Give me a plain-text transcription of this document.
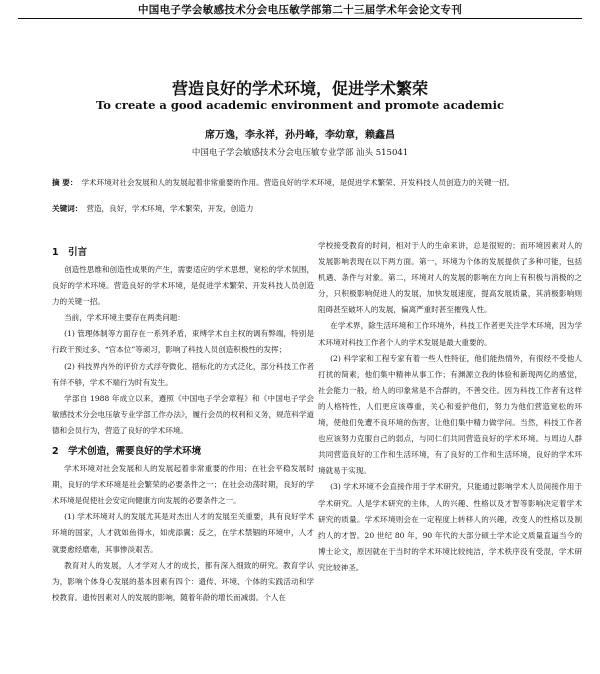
中国电子学会敏感技术分会电压敏学部第二十三届学术年会论文专刊
营造良好的学术环境，促进学术繁荣
To create a good academic environment and promote academic
席万逸，李永祥，孙丹峰，李幼章，赖鑫昌
中国电子学会敏感技术分会电压敏专业学部 汕头 515041
摘 要： 学术环境对社会发展和人的发展起着非常重要的作用。营造良好的学术环境，是促进学术繁荣、开发科技人员创造力的关键一招。
关键词： 营造，良好，学术环境，学术繁荣，开发，创造力
1　引言

创造性思维和创造性成果的产生，需要适应的学术思想，宽松的学术氛围，良好的学术环境。营造良好的学术环境，是促进学术繁荣、开发科技人员创造力的关键一招。

当前，学术环境主要存在两类问题：

(1) 管理体制等方面存在一系列矛盾，束缚学术自主权的调有弊端，特别是行政干预过多、“官本位”等顽习，影响了科技人员创造积极性的发挥；

(2) 科技界内外的评价方式浮夸微化、措标化的方式泛化，部分科技工作者有伴不够，学术不端行为时有发生。

学部自 1988 年成立以来，遵照《中国电子学会章程》和《中国电子学会敏感技术分会电压敏专业学部工作办法》，履行会员的权利和义务，规范科学道德和会员行为，营造了良好的学术环境。

2　学术创造，需要良好的学术环境

学术环境对社会发展和人的发展起着非常重要的作用；在社会平稳发展时期，良好的学术环境是社会繁荣的必要条件之一；在社会动荡时期，良好的学术环境是促使社会安定向健康方向发展的必要条件之一。

(1) 学术环境对人的发展尤其是对杰出人才的发展至关重要，具有良好学术环境的国家，人才就如鱼得水，如虎添翼；反之，在学术禁锢的环境中，人才就要愈经磨难，其事惨淡艰苦。

教育对人的发展，人才学对人才的成长，都有深入细致的研究。教育学认为，影响个体身心发展的基本因素有四个：遗传、环境、个体的实践活动和学校教育。遗传因素对人的发展的影响，随着年龄的增长而减弱。个人在

学校接受教育的时间，相对于人的生命来讲，总是很短的；而环境因素对人的发展影响表现在以下两方面。第一，环境为个体的发展提供了多种可能，包括机遇、条件与对象。第二，环境对人的发展的影响在方向上有积极与消极的之分，只积极影响促进人的发展，加快发展速度，提高发展质量，其消极影响则阻碍甚至破坏人的发展，偏离严重时甚至摧残人性。

在学术界，除生活环境和工作环境外，科技工作者更关注学术环境，因为学术环境对科技工作者个人的学术发展是最大重要的。

(2) 科学家和工程专家有着一些人性特征，他们能热情外，有很经不受他人打扰的简素，他们集中精神从事工作；有渊源立我的体验和新现两亿的感觉，社会能力一般，给人的印象常是不合群的，不善交往。因为科技工作者有这样的人格特性，人们更应该尊重，关心和爱护他们，努力为他们营造宽松的环境，使他们免遭不良环境的伤害，让他们集中精力做学问。当然，科技工作者也应该努力克服自己的弱点，与同仁们共同营造良好的学术环境。与周边人群共同营造良好的工作和生活环境，有了良好的工作和生活环境，良好的学术环境就易于实现。

(3) 学术环境不会直接作用于学术研究，只能通过影响学术人员间接作用于学术研究。人是学术研究的主体，人的兴趣、性格以及才智等影响决定着学术研究的质量。学术环境则会在一定程度上转移人的兴趣，改变人的性格以及制约人的才智。20 世纪 80 年，90 年代的大部分硕士学术论文质量直逼当今的博士论文，原因就在于当时的学术环境比较纯洁，学术秩序没有受混，学术研究比较神圣。
